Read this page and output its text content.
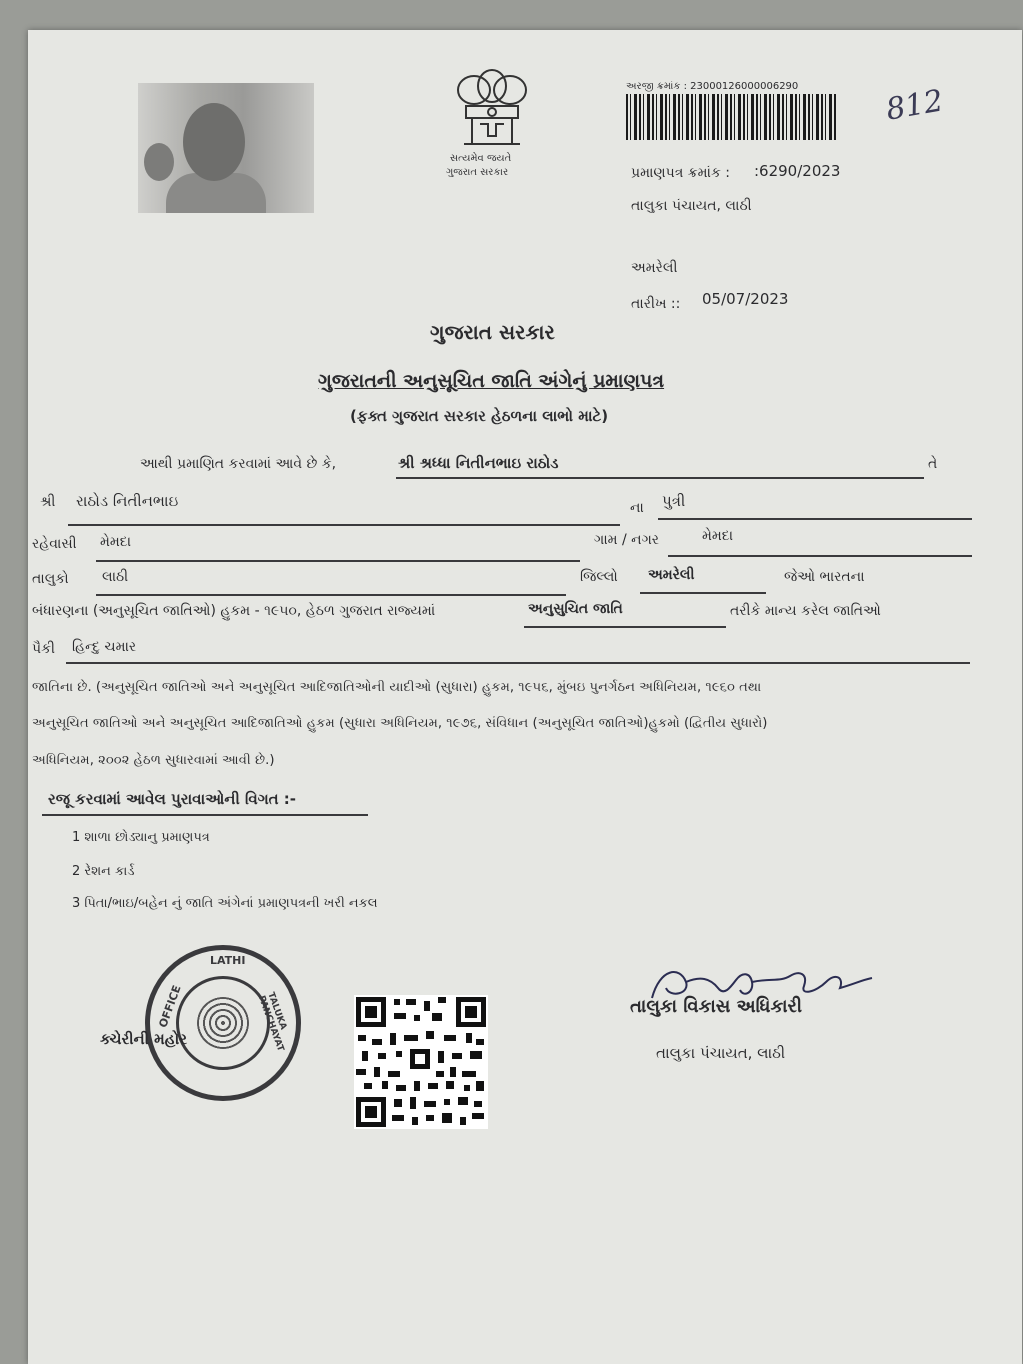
સત્યમેવ જયતે
ગુજરાત સરકાર
અરજી ક્રમાંક : 23000126000006290	812
પ્રમાણપત્ર ક્રમાંક : :6290/2023
તાલુકા પંચાયત, લાઠી
અમરેલી
તારીખ :: 05/07/2023
ગુજરાત સરકાર
ગુજરાતની અનુસૂચિત જાતિ અંગેનું પ્રમાણપત્ર
(ફક્ત ગુજરાત સરકાર હેઠળના લાભો માટે)
આથી પ્રમાણિત કરવામાં આવે છે કે,	શ્રી શ્રધ્ધા નિતીનભાઇ રાઠોડ	તે
શ્રી રાઠોડ નિતીનભાઇ	ના પુત્રી
રહેવાસી મેમદા	ગામ / નગર	મેમદા
તાલુકો લાઠી	જિલ્લો અમરેલી	જેઓ ભારતના
બંધારણના (અનુસૂચિત જાતિઓ) હુકમ - ૧૯૫૦, હેઠળ ગુજરાત રાજ્યમાં	અનુસુચિત જાતિ	તરીકે માન્ય કરેલ જાતિઓ
પૈકી હિન્દુ ચમાર
જાતિના છે. (અનુસૂચિત જાતિઓ અને અનુસૂચિત આદિજાતિઓની યાદીઓ (સુધારા) હુકમ, ૧૯૫૬, મુંબઇ પુનર્ગઠન અધિનિયમ, ૧૯૬૦ તથા
અનુસૂચિત જાતિઓ અને અનુસૂચિત આદિજાતિઓ હુકમ (સુધારા અધિનિયમ, ૧૯૭૬, સંવિધાન (અનુસૂચિત જાતિઓ)હુકમો (દ્વિતીય સુધારો)
અધિનિયમ, ૨૦૦૨ હેઠળ સુધારવામાં આવી છે.)
રજૂ કરવામાં આવેલ પુરાવાઓની વિગત :-
1 શાળા છોડ્યાનુ પ્રમાણપત્ર
2 રેશન કાર્ડ
3 પિતા/ભાઇ/બહેન નું જાતિ અંગેનાં પ્રમાણપત્રની ખરી નકલ
LATHI
OFFICE	TALUKA PANCHAYAT
ક્ચેરીની મહોર
તાલુકા વિકાસ અધિકારી
તાલુકા પંચાયત, લાઠી
